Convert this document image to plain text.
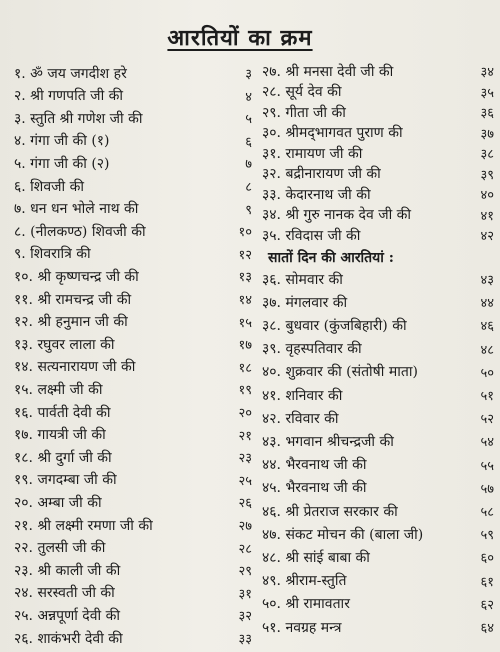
आरतियों का क्रम
१. ॐ जय जगदीश हरे	३
२. श्री गणपति जी की	४
३. स्तुति श्री गणेश जी की	५
४. गंगा जी की (१)	६
५. गंगा जी की (२)	७
६. शिवजी की	८
७. धन धन भोले नाथ की	९
८. (नीलकण्ठ) शिवजी की	१०
९. शिवरात्रि की	१२
१०. श्री कृष्णचन्द्र जी की	१३
११. श्री रामचन्द्र जी की	१४
१२. श्री हनुमान जी की	१५
१३. रघुवर लाला की	१७
१४. सत्यनारायण जी की	१८
१५. लक्ष्मी जी की	१९
१६. पार्वती देवी की	२०
१७. गायत्री जी की	२१
१८. श्री दुर्गा जी की	२३
१९. जगदम्बा जी की	२५
२०. अम्बा जी की	२६
२१. श्री लक्ष्मी रमणा जी की	२७
२२. तुलसी जी की	२८
२३. श्री काली जी की	२९
२४. सरस्वती जी की	३१
२५. अन्नपूर्णा देवी की	३२
२६. शाकंभरी देवी की	३३
२७. श्री मनसा देवी जी की	३४
२८. सूर्य देव की	३५
२९. गीता जी की	३६
३०. श्रीमद्‌भागवत पुराण की	३७
३१. रामायण जी की	३८
३२. बद्रीनारायण जी की	३९
३३. केदारनाथ जी की	४०
३४. श्री गुरु नानक देव जी की	४१
३५. रविदास जी की	४२
३६. सोमवार की	४३
३७. मंगलवार की	४४
३८. बुधवार (कुंजबिहारी) की	४६
३९. वृहस्पतिवार की	४८
४०. शुक्रवार की (संतोषी माता)	५०
४१. शनिवार की	५१
४२. रविवार की	५२
४३. भगवान श्रीचन्द्रजी की	५४
४४. भैरवनाथ जी की	५५
४५. भैरवनाथ जी की	५७
४६. श्री प्रेतराज सरकार की	५८
४७. संकट मोचन की (बाला जी)	५९
४८. श्री सांई बाबा की	६०
४९. श्रीराम-स्तुति	६१
५०. श्री रामावतार	६२
५१. नवग्रह मन्त्र	६४
सातों दिन की आरतियां :
